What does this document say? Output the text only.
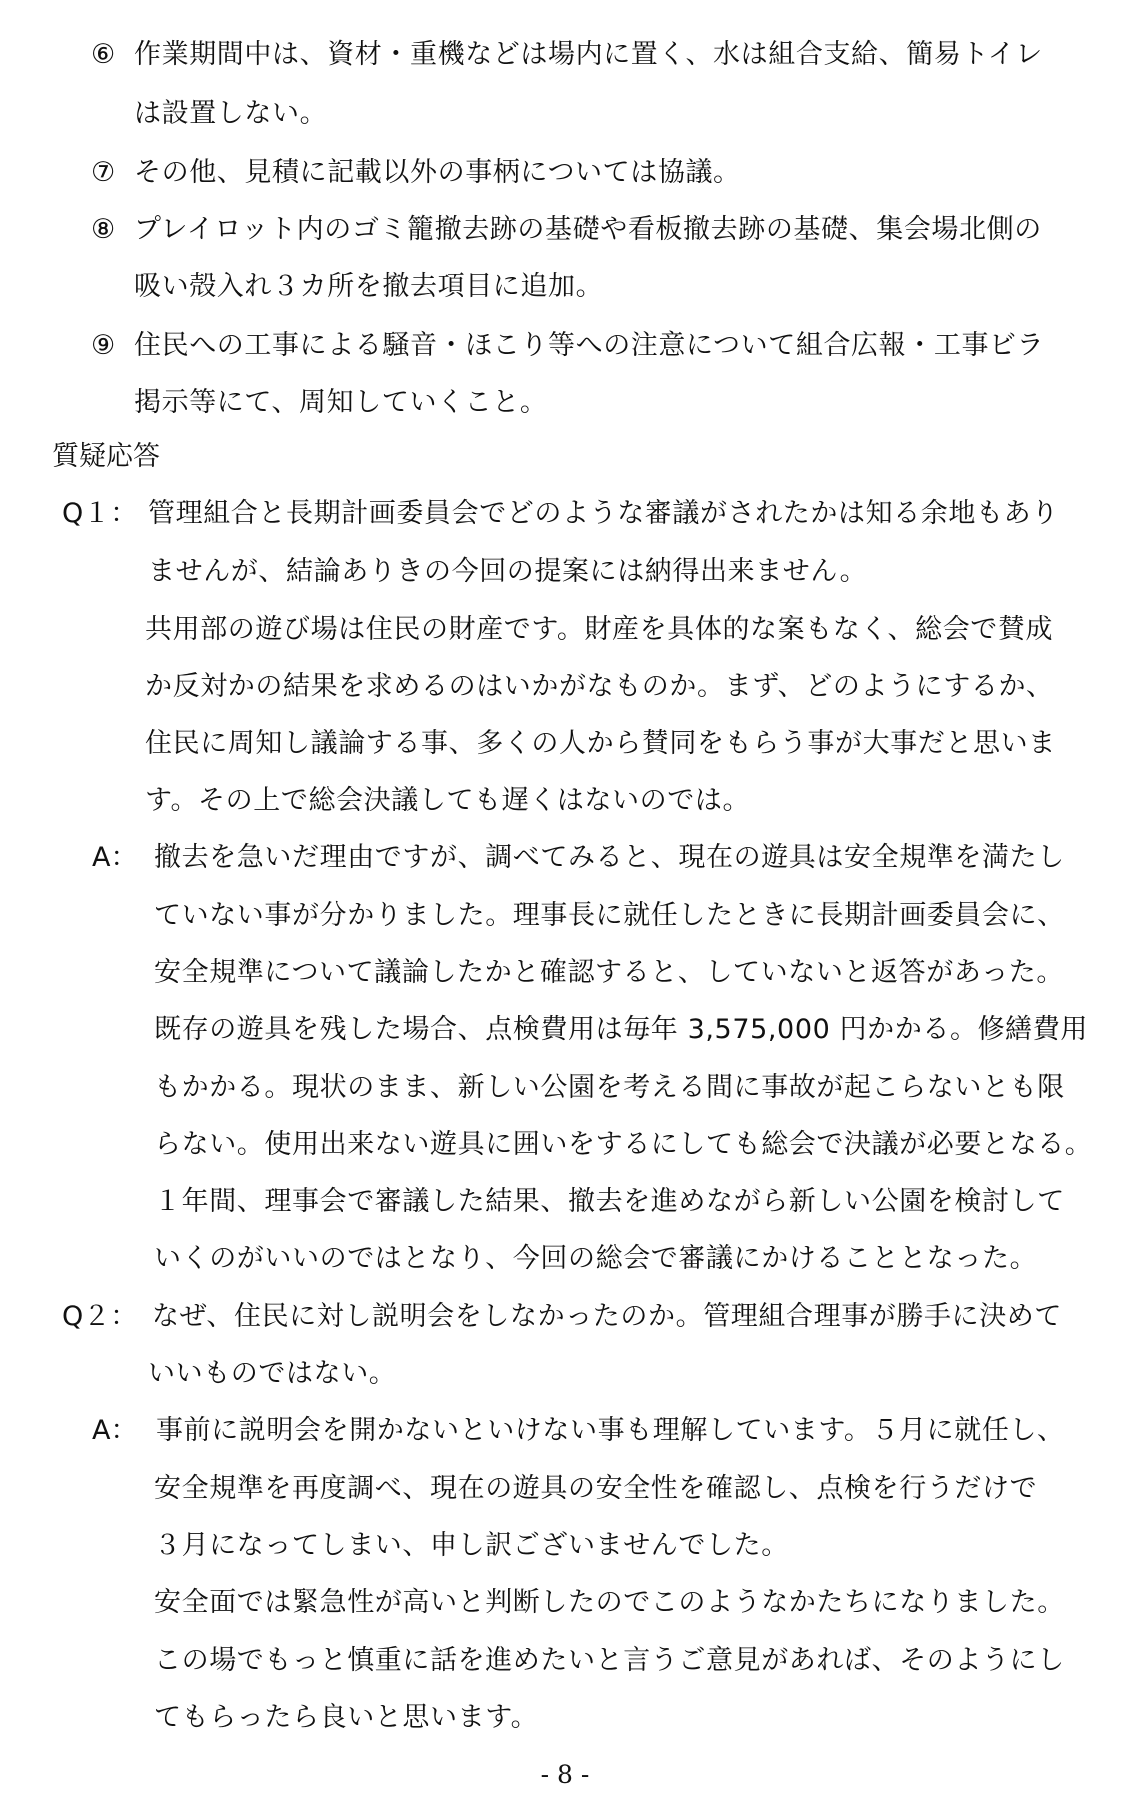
⑥ 作業期間中は、資材・重機などは場内に置く、水は組合支給、簡易トイレ
は設置しない。
⑦ その他、見積に記載以外の事柄については協議。
⑧ プレイロット内のゴミ籠撤去跡の基礎や看板撤去跡の基礎、集会場北側の
吸い殻入れ３カ所を撤去項目に追加。
⑨ 住民への工事による騒音・ほこり等への注意について組合広報・工事ビラ
掲示等にて、周知していくこと。
質疑応答
Q１： 管理組合と長期計画委員会でどのような審議がされたかは知る余地もあり
ませんが、結論ありきの今回の提案には納得出来ません。
共用部の遊び場は住民の財産です。財産を具体的な案もなく、総会で賛成
か反対かの結果を求めるのはいかがなものか。まず、どのようにするか、
住民に周知し議論する事、多くの人から賛同をもらう事が大事だと思いま
す。その上で総会決議しても遅くはないのでは。
A： 撤去を急いだ理由ですが、調べてみると、現在の遊具は安全規準を満たし
ていない事が分かりました。理事長に就任したときに長期計画委員会に、
安全規準について議論したかと確認すると、していないと返答があった。
既存の遊具を残した場合、点検費用は毎年 3,575,000 円かかる。修繕費用
もかかる。現状のまま、新しい公園を考える間に事故が起こらないとも限
らない。使用出来ない遊具に囲いをするにしても総会で決議が必要となる。
１年間、理事会で審議した結果、撤去を進めながら新しい公園を検討して
いくのがいいのではとなり、今回の総会で審議にかけることとなった。
Q２： なぜ、住民に対し説明会をしなかったのか。管理組合理事が勝手に決めて
いいものではない。
A： 事前に説明会を開かないといけない事も理解しています。５月に就任し、
安全規準を再度調べ、現在の遊具の安全性を確認し、点検を行うだけで
３月になってしまい、申し訳ございませんでした。
安全面では緊急性が高いと判断したのでこのようなかたちになりました。
この場でもっと慎重に話を進めたいと言うご意見があれば、そのようにし
てもらったら良いと思います。
- 8 -
